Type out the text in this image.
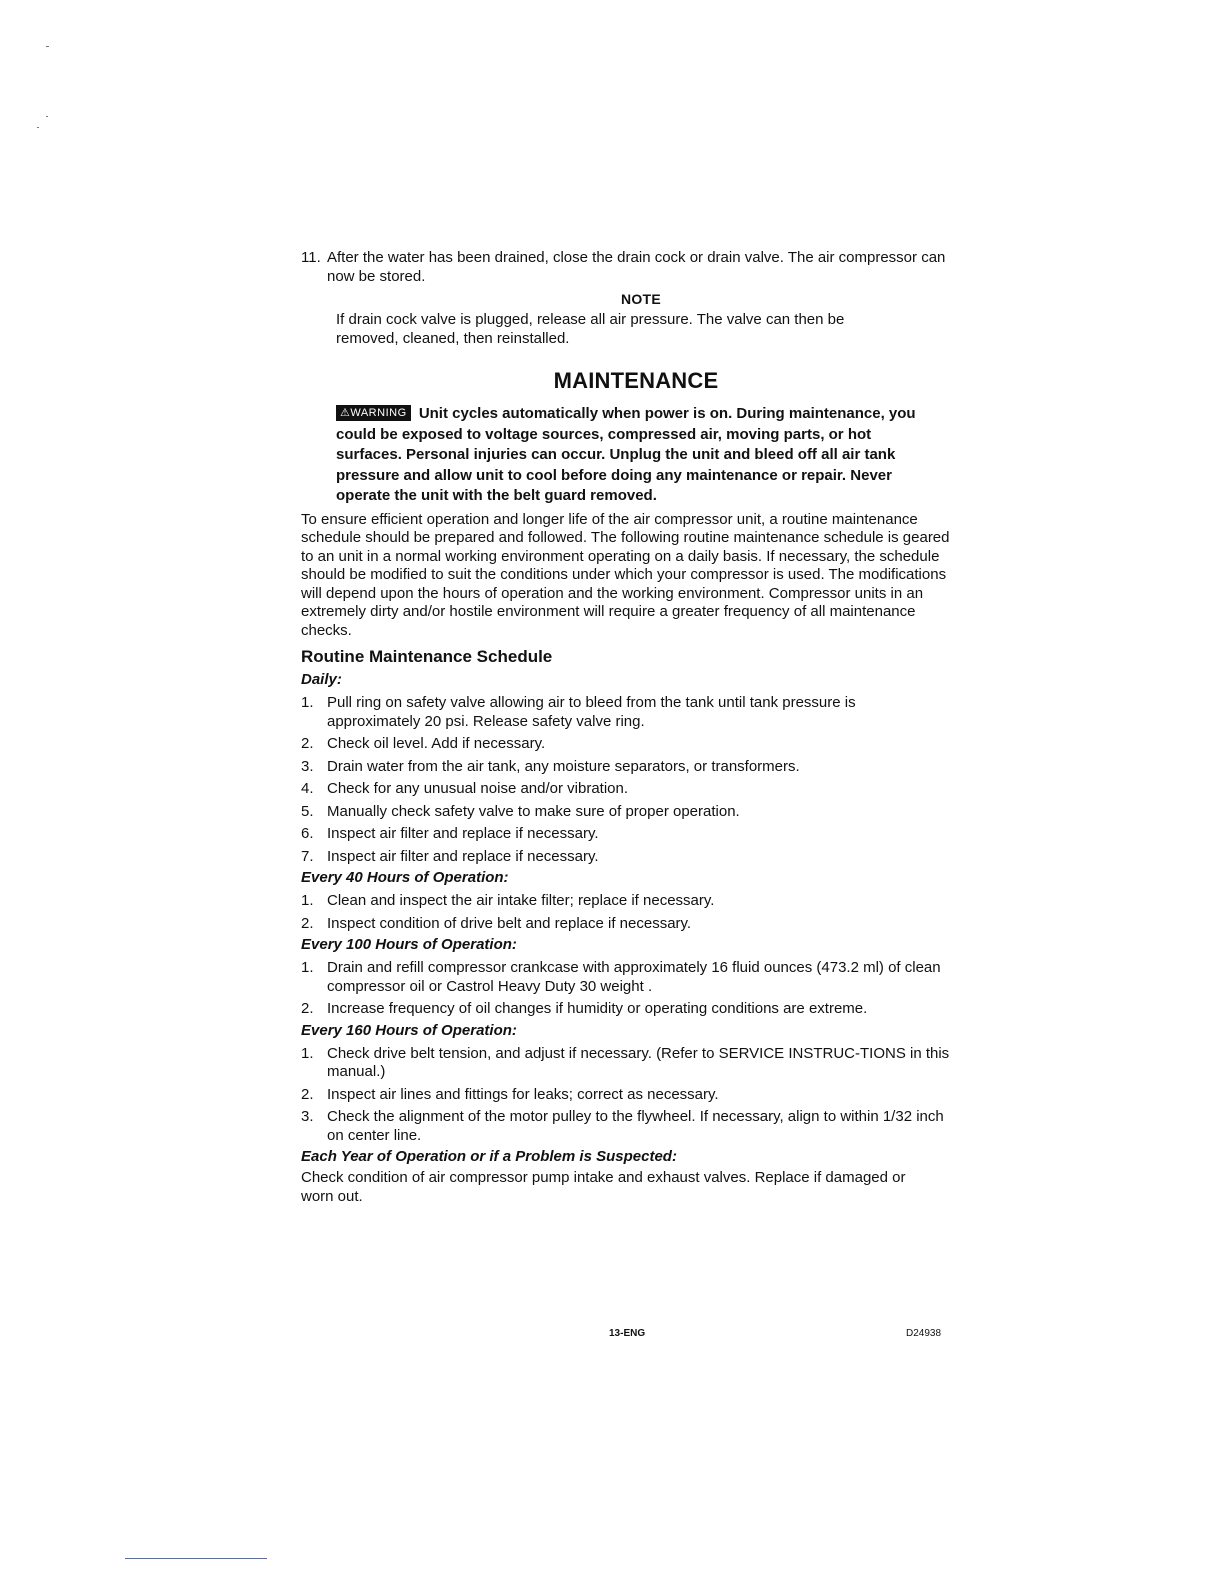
11. After the water has been drained, close the drain cock or drain valve. The air compressor can now be stored.
NOTE
If drain cock valve is plugged, release all air pressure. The valve can then be removed, cleaned, then reinstalled.
MAINTENANCE
⚠WARNING Unit cycles automatically when power is on. During maintenance, you could be exposed to voltage sources, compressed air, moving parts, or hot surfaces. Personal injuries can occur. Unplug the unit and bleed off all air tank pressure and allow unit to cool before doing any maintenance or repair. Never operate the unit with the belt guard removed.
To ensure efficient operation and longer life of the air compressor unit, a routine maintenance schedule should be prepared and followed. The following routine maintenance schedule is geared to an unit in a normal working environment operating on a daily basis. If necessary, the schedule should be modified to suit the conditions under which your compressor is used. The modifications will depend upon the hours of operation and the working environment. Compressor units in an extremely dirty and/or hostile environment will require a greater frequency of all maintenance checks.
Routine Maintenance Schedule
Daily:
1. Pull ring on safety valve allowing air to bleed from the tank until tank pressure is approximately 20 psi. Release safety valve ring.
2. Check oil level. Add if necessary.
3. Drain water from the air tank, any moisture separators, or transformers.
4. Check for any unusual noise and/or vibration.
5. Manually check safety valve to make sure of proper operation.
6. Inspect air filter and replace if necessary.
7. Inspect air filter and replace if necessary.
Every 40 Hours of Operation:
1. Clean and inspect the air intake filter; replace if necessary.
2. Inspect condition of drive belt and replace if necessary.
Every 100 Hours of Operation:
1. Drain and refill compressor crankcase with approximately 16 fluid ounces (473.2 ml) of clean compressor oil or Castrol Heavy Duty 30 weight .
2. Increase frequency of oil changes if humidity or operating conditions are extreme.
Every 160 Hours of Operation:
1. Check drive belt tension, and adjust if necessary. (Refer to SERVICE INSTRUC-TIONS in this manual.)
2. Inspect air lines and fittings for leaks; correct as necessary.
3. Check the alignment of the motor pulley to the flywheel. If necessary, align to within 1/32 inch on center line.
Each Year of Operation or if a Problem is Suspected:
Check condition of air compressor pump intake and exhaust valves. Replace if damaged or worn out.
13-ENG	D24938
